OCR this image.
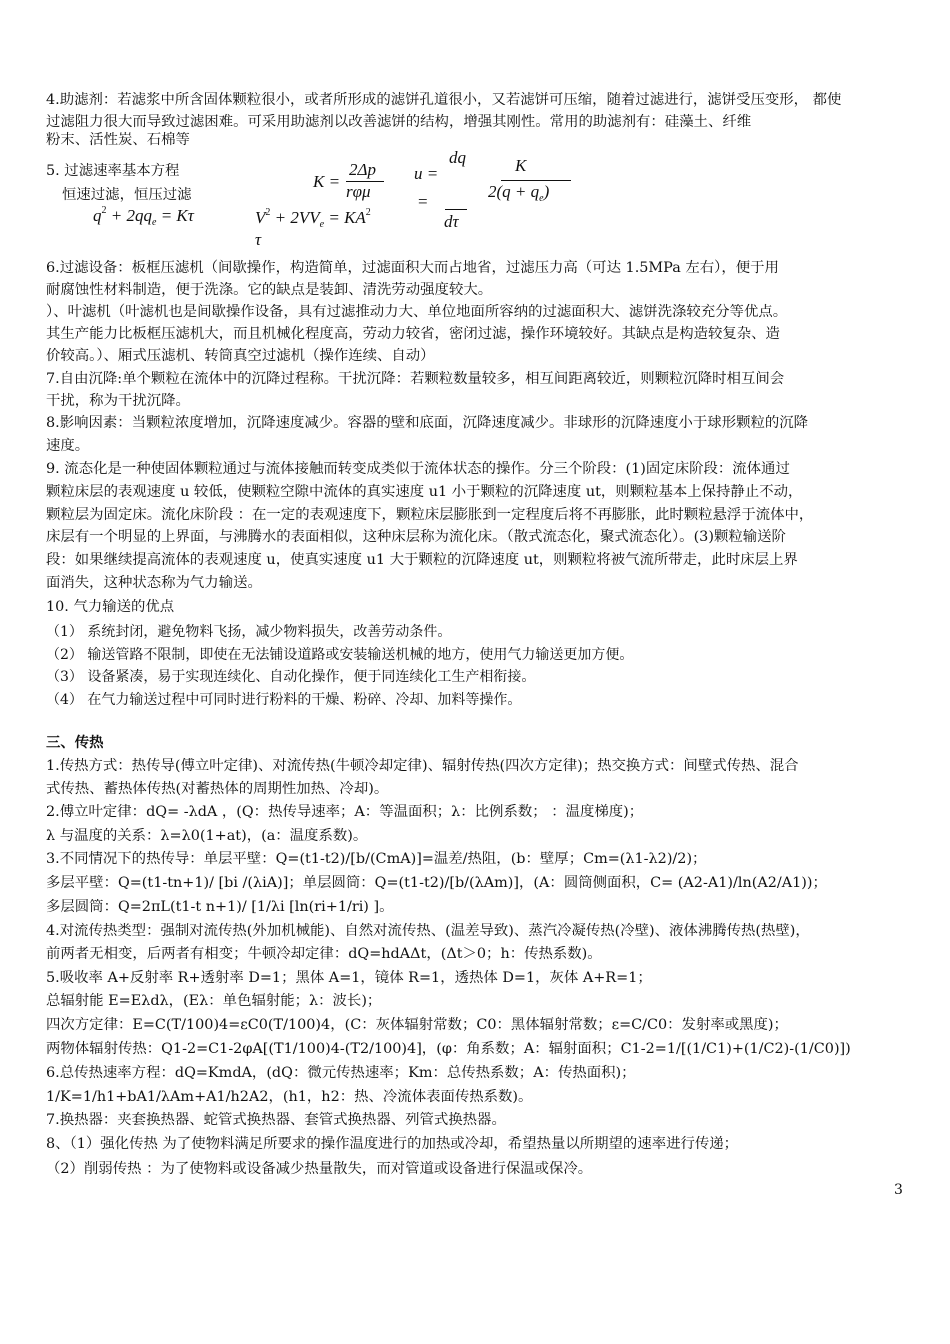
4.助滤剂：若滤浆中所含固体颗粒很小，或者所形成的滤饼孔道很小，又若滤饼可压缩，随着过滤进行，滤饼受压变形， 都使
过滤阻力很大而导致过滤困难。可采用助滤剂以改善滤饼的结构，增强其刚性。常用的助滤剂有：硅藻土、纤维
粉末、活性炭、石棉等
5. 过滤速率基本方程
恒速过滤，恒压过滤
K =
2Δp
rφμ
u =
dq
=
dτ
K
$2(q + q_e)$
$q^2 + 2qq_e = K\tau$	$V^2 + 2VV_e = KA^2$
τ
6.过滤设备：板框压滤机（间歇操作，构造简单，过滤面积大而占地省，过滤压力高（可达 1.5MPa 左右），便于用
耐腐蚀性材料制造，便于洗涤。它的缺点是装卸、清洗劳动强度较大。
）、叶滤机（叶滤机也是间歇操作设备，具有过滤推动力大、单位地面所容纳的过滤面积大、滤饼洗涤较充分等优点。
其生产能力比板框压滤机大，而且机械化程度高，劳动力较省，密闭过滤，操作环境较好。其缺点是构造较复杂、造
价较高。）、厢式压滤机、转筒真空过滤机（操作连续、自动）
7.自由沉降:单个颗粒在流体中的沉降过程称。干扰沉降：若颗粒数量较多，相互间距离较近，则颗粒沉降时相互间会
干扰，称为干扰沉降。
8.影响因素：当颗粒浓度增加，沉降速度减少。容器的壁和底面，沉降速度减少。非球形的沉降速度小于球形颗粒的沉降
速度。
9. 流态化是一种使固体颗粒通过与流体接触而转变成类似于流体状态的操作。分三个阶段：(1)固定床阶段：流体通过
颗粒床层的表观速度 u 较低，使颗粒空隙中流体的真实速度 u1 小于颗粒的沉降速度 ut，则颗粒基本上保持静止不动，
颗粒层为固定床。流化床阶段 ：在一定的表观速度下，颗粒床层膨胀到一定程度后将不再膨胀，此时颗粒悬浮于流体中，
床层有一个明显的上界面，与沸腾水的表面相似，这种床层称为流化床。（散式流态化，聚式流态化）。(3)颗粒输送阶
段：如果继续提高流体的表观速度 u，使真实速度 u1 大于颗粒的沉降速度 ut，则颗粒将被气流所带走，此时床层上界
面消失，这种状态称为气力输送。
10. 气力输送的优点
（1） 系统封闭，避免物料飞扬，减少物料损失，改善劳动条件。
（2） 输送管路不限制，即使在无法铺设道路或安装输送机械的地方，使用气力输送更加方便。
（3） 设备紧凑，易于实现连续化、自动化操作，便于同连续化工生产相衔接。
（4） 在气力输送过程中可同时进行粉料的干燥、粉碎、冷却、加料等操作。
三、传热
1.传热方式：热传导(傅立叶定律)、对流传热(牛顿冷却定律)、辐射传热(四次方定律)；热交换方式：间壁式传热、混合
式传热、蓄热体传热(对蓄热体的周期性加热、冷却)。
2.傅立叶定律：dQ= -λdA ，(Q：热传导速率；A：等温面积；λ：比例系数； ：温度梯度)；
λ 与温度的关系：λ=λ0(1+at)，(a：温度系数)。
3.不同情况下的热传导：单层平壁：Q=(t1-t2)/[b/(CmA)]=温差/热阻，(b：壁厚；Cm=(λ1-λ2)/2)；
多层平壁：Q=(t1-tn+1)/ [bi /(λiA)]；单层圆筒：Q=(t1-t2)/[b/(λAm)]，(A：圆筒侧面积，C= (A2-A1)/ln(A2/A1))；
多层圆筒：Q=2πL(t1-t n+1)/ [1/λi [ln(ri+1/ri) ]。
4.对流传热类型：强制对流传热(外加机械能)、自然对流传热、(温差导致)、蒸汽冷凝传热(冷壁)、液体沸腾传热(热壁)，
前两者无相变，后两者有相变；牛顿冷却定律：dQ=hdAΔt，(Δt＞0；h：传热系数)。
5.吸收率 A+反射率 R+透射率 D=1；黑体 A=1，镜体 R=1，透热体 D=1，灰体 A+R=1；
总辐射能 E=Eλdλ，(Eλ：单色辐射能；λ：波长)；
四次方定律：E=C(T/100)4=εC0(T/100)4，(C：灰体辐射常数；C0：黑体辐射常数；ε=C/C0：发射率或黑度)；
两物体辐射传热：Q1-2=C1-2φA[(T1/100)4-(T2/100)4]，(φ：角系数；A：辐射面积；C1-2=1/[(1/C1)+(1/C2)-(1/C0)])
6.总传热速率方程：dQ=KmdA，(dQ：微元传热速率；Km：总传热系数；A：传热面积)；
1/K=1/h1+bA1/λAm+A1/h2A2，(h1，h2：热、冷流体表面传热系数)。
7.换热器：夹套换热器、蛇管式换热器、套管式换热器、列管式换热器。
8、（1）强化传热 为了使物料满足所要求的操作温度进行的加热或冷却，希望热量以所期望的速率进行传递；
（2）削弱传热 ：为了使物料或设备减少热量散失，而对管道或设备进行保温或保冷。
3
